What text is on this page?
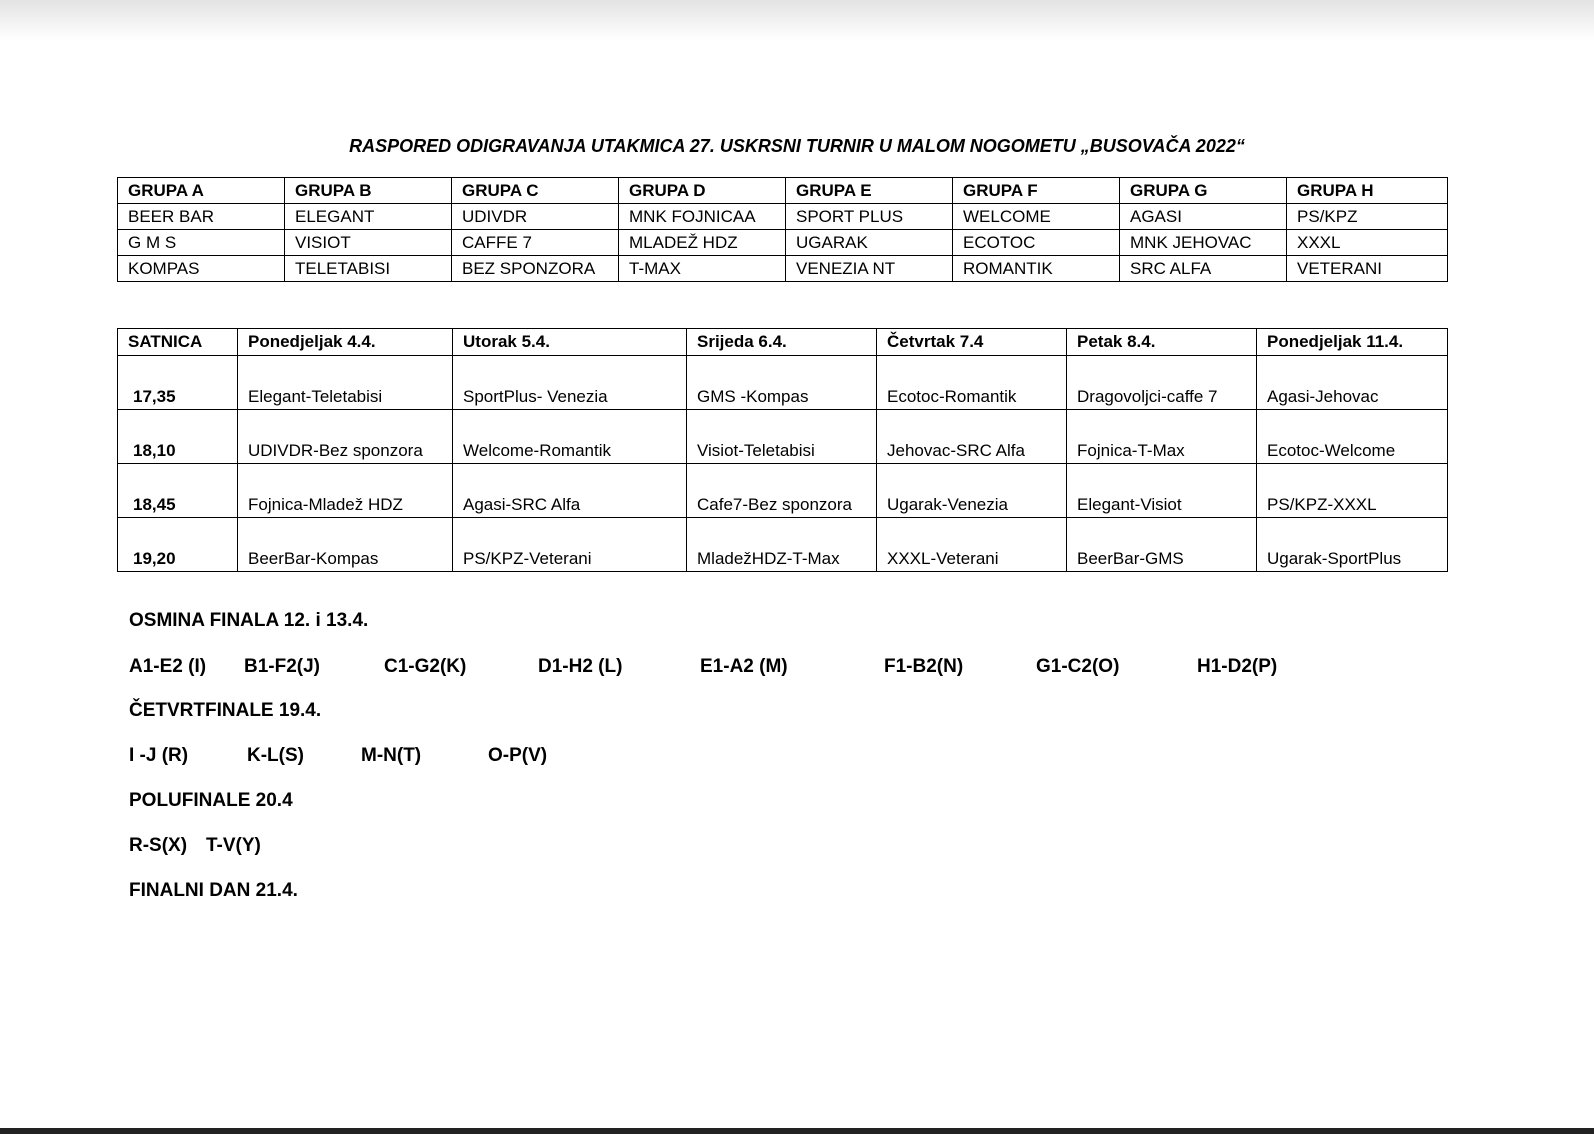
RASPORED ODIGRAVANJA UTAKMICA 27. USKRSNI TURNIR U MALOM NOGOMETU „BUSOVAČA 2022“
GRUPA A	GRUPA B	GRUPA C	GRUPA D	GRUPA E	GRUPA F	GRUPA G	GRUPA H
BEER BAR	ELEGANT	UDIVDR	MNK FOJNICAA	SPORT PLUS	WELCOME	AGASI	PS/KPZ
G M S	VISIOT	CAFFE 7	MLADEŽ HDZ	UGARAK	ECOTOC	MNK JEHOVAC	XXXL
KOMPAS	TELETABISI	BEZ SPONZORA	T-MAX	VENEZIA NT	ROMANTIK	SRC ALFA	VETERANI
SATNICA	Ponedjeljak 4.4.	Utorak 5.4.	Srijeda 6.4.	Četvrtak 7.4	Petak 8.4.	Ponedjeljak 11.4.
17,35	Elegant-Teletabisi	SportPlus- Venezia	GMS -Kompas	Ecotoc-Romantik	Dragovoljci-caffe 7	Agasi-Jehovac
18,10	UDIVDR-Bez sponzora	Welcome-Romantik	Visiot-Teletabisi	Jehovac-SRC Alfa	Fojnica-T-Max	Ecotoc-Welcome
18,45	Fojnica-Mladež HDZ	Agasi-SRC Alfa	Cafe7-Bez sponzora	Ugarak-Venezia	Elegant-Visiot	PS/KPZ-XXXL
19,20	BeerBar-Kompas	PS/KPZ-Veterani	MladežHDZ-T-Max	XXXL-Veterani	BeerBar-GMS	Ugarak-SportPlus
OSMINA FINALA 12. i 13.4.
A1-E2 (I) B1-F2(J)	C1-G2(K)	D1-H2 (L)	E1-A2 (M)	F1-B2(N)	G1-C2(O)	H1-D2(P)
ČETVRTFINALE 19.4.
I -J (R)	K-L(S)	M-N(T)	O-P(V)
POLUFINALE 20.4
R-S(X) T-V(Y)
FINALNI DAN 21.4.
